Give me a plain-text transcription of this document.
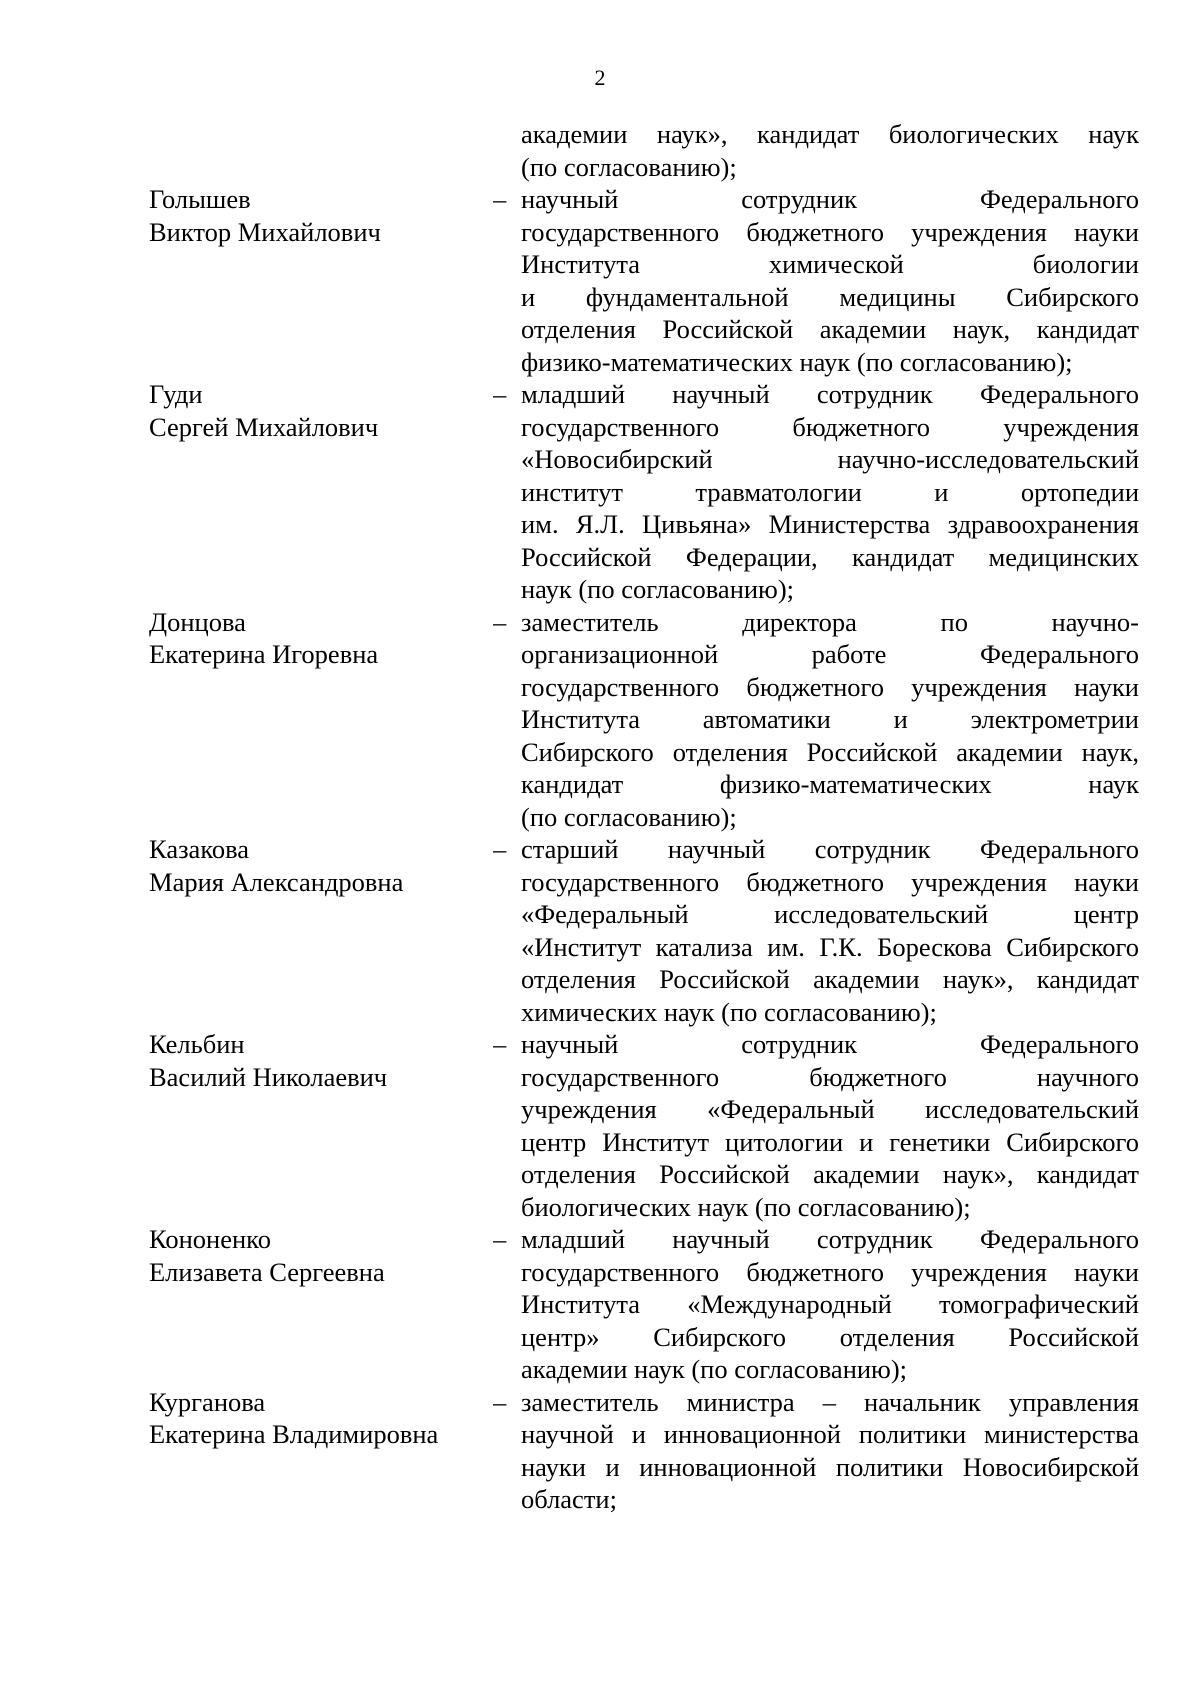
2
академии наук», кандидат биологических наук
(по согласованию);
Голышев
Виктор Михайлович
– научный сотрудник Федерального
государственного бюджетного учреждения науки
Института химической биологии
и фундаментальной медицины Сибирского
отделения Российской академии наук, кандидат
физико-математических наук (по согласованию);
Гуди
Сергей Михайлович
– младший научный сотрудник Федерального
государственного бюджетного учреждения
«Новосибирский научно-исследовательский
институт травматологии и ортопедии
им. Я.Л. Цивьяна» Министерства здравоохранения
Российской Федерации, кандидат медицинских
наук (по согласованию);
Донцова
Екатерина Игоревна
– заместитель директора по научно-
организационной работе Федерального
государственного бюджетного учреждения науки
Института автоматики и электрометрии
Сибирского отделения Российской академии наук,
кандидат физико-математических наук
(по согласованию);
Казакова
Мария Александровна
– старший научный сотрудник Федерального
государственного бюджетного учреждения науки
«Федеральный исследовательский центр
«Институт катализа им. Г.К. Борескова Сибирского
отделения Российской академии наук», кандидат
химических наук (по согласованию);
Кельбин
Василий Николаевич
– научный сотрудник Федерального
государственного бюджетного научного
учреждения «Федеральный исследовательский
центр Институт цитологии и генетики Сибирского
отделения Российской академии наук», кандидат
биологических наук (по согласованию);
Кононенко
Елизавета Сергеевна
– младший научный сотрудник Федерального
государственного бюджетного учреждения науки
Института «Международный томографический
центр» Сибирского отделения Российской
академии наук (по согласованию);
Курганова
Екатерина Владимировна
– заместитель министра – начальник управления
научной и инновационной политики министерства
науки и инновационной политики Новосибирской
области;
